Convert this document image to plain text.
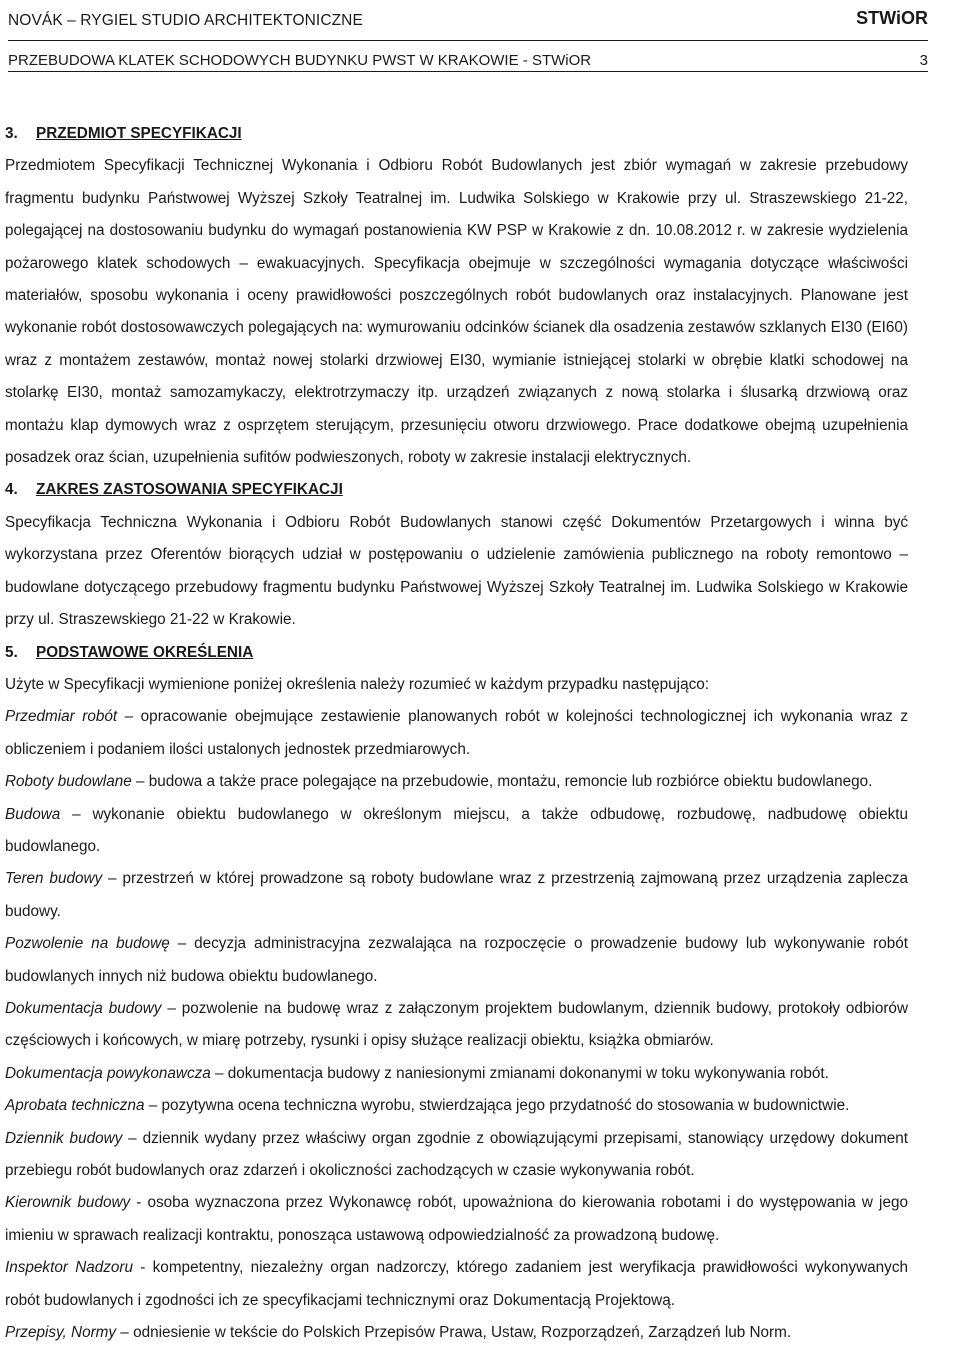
NOVÁK – RYGIEL STUDIO ARCHITEKTONICZNE	STWiOR
PRZEBUDOWA KLATEK SCHODOWYCH BUDYNKU PWST W KRAKOWIE - STWiOR	3

3. PRZEDMIOT SPECYFIKACJI

Przedmiotem Specyfikacji Technicznej Wykonania i Odbioru Robót Budowlanych jest zbiór wymagań w zakresie przebudowy fragmentu budynku Państwowej Wyższej Szkoły Teatralnej im. Ludwika Solskiego w Krakowie przy ul. Straszewskiego 21-22, polegającej na dostosowaniu budynku do wymagań postanowienia KW PSP w Krakowie z dn. 10.08.2012 r. w zakresie wydzielenia pożarowego klatek schodowych – ewakuacyjnych. Specyfikacja obejmuje w szczególności wymagania dotyczące właściwości materiałów, sposobu wykonania i oceny prawidłowości poszczególnych robót budowlanych oraz instalacyjnych. Planowane jest wykonanie robót dostosowawczych polegających na: wymurowaniu odcinków ścianek dla osadzenia zestawów szklanych EI30 (EI60) wraz z montażem zestawów, montaż nowej stolarki drzwiowej EI30, wymianie istniejącej stolarki w obrębie klatki schodowej na stolarkę EI30, montaż samozamykaczy, elektrotrzymaczy itp. urządzeń związanych z nową stolarka i ślusarką drzwiową oraz montażu klap dymowych wraz z osprzętem sterującym, przesunięciu otworu drzwiowego. Prace dodatkowe obejmą uzupełnienia posadzek oraz ścian, uzupełnienia sufitów podwieszonych, roboty w zakresie instalacji elektrycznych.

4. ZAKRES ZASTOSOWANIA SPECYFIKACJI

Specyfikacja Techniczna Wykonania i Odbioru Robót Budowlanych stanowi część Dokumentów Przetargowych i winna być wykorzystana przez Oferentów biorących udział w postępowaniu o udzielenie zamówienia publicznego na roboty remontowo – budowlane dotyczącego przebudowy fragmentu budynku Państwowej Wyższej Szkoły Teatralnej im. Ludwika Solskiego w Krakowie przy ul. Straszewskiego 21-22 w Krakowie.

5. PODSTAWOWE OKREŚLENIA

Użyte w Specyfikacji wymienione poniżej określenia należy rozumieć w każdym przypadku następująco:

Przedmiar robót – opracowanie obejmujące zestawienie planowanych robót w kolejności technologicznej ich wykonania wraz z obliczeniem i podaniem ilości ustalonych jednostek przedmiarowych.

Roboty budowlane – budowa a także prace polegające na przebudowie, montażu, remoncie lub rozbiórce obiektu budowlanego.

Budowa – wykonanie obiektu budowlanego w określonym miejscu, a także odbudowę, rozbudowę, nadbudowę obiektu budowlanego.

Teren budowy – przestrzeń w której prowadzone są roboty budowlane wraz z przestrzenią zajmowaną przez urządzenia zaplecza budowy.

Pozwolenie na budowę – decyzja administracyjna zezwalająca na rozpoczęcie o prowadzenie budowy lub wykonywanie robót budowlanych innych niż budowa obiektu budowlanego.

Dokumentacja budowy – pozwolenie na budowę wraz z załączonym projektem budowlanym, dziennik budowy, protokoły odbiorów częściowych i końcowych, w miarę potrzeby, rysunki i opisy służące realizacji obiektu, książka obmiarów.

Dokumentacja powykonawcza – dokumentacja budowy z naniesionymi zmianami dokonanymi w toku wykonywania robót.

Aprobata techniczna – pozytywna ocena techniczna wyrobu, stwierdzająca jego przydatność do stosowania w budownictwie.

Dziennik budowy – dziennik wydany przez właściwy organ zgodnie z obowiązującymi przepisami, stanowiący urzędowy dokument przebiegu robót budowlanych oraz zdarzeń i okoliczności zachodzących w czasie wykonywania robót.

Kierownik budowy - osoba wyznaczona przez Wykonawcę robót, upoważniona do kierowania robotami i do występowania w jego imieniu w sprawach realizacji kontraktu, ponosząca ustawową odpowiedzialność za prowadzoną budowę.

Inspektor Nadzoru - kompetentny, niezależny organ nadzorczy, którego zadaniem jest weryfikacja prawidłowości wykonywanych robót budowlanych i zgodności ich ze specyfikacjami technicznymi oraz Dokumentacją Projektową.

Przepisy, Normy – odniesienie w tekście do Polskich Przepisów Prawa, Ustaw, Rozporządzeń, Zarządzeń lub Norm.
